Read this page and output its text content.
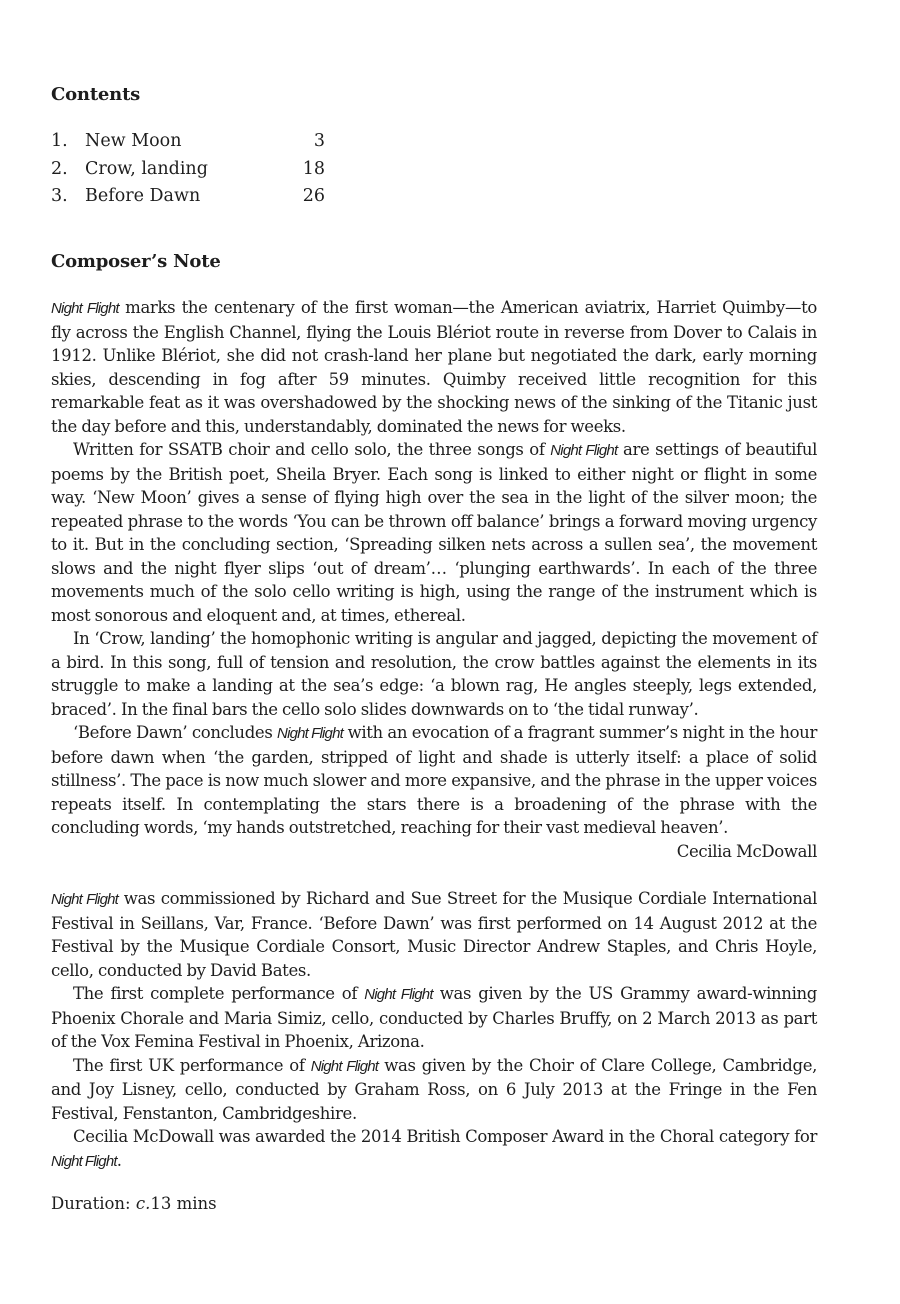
Contents
1. New Moon	3
2. Crow, landing	18
3. Before Dawn	26
Composer’s Note

Night Flight marks the centenary of the first woman—the American aviatrix, Harriet Quimby—to fly across the English Channel, flying the Louis Blériot route in reverse from Dover to Calais in 1912. Unlike Blériot, she did not crash-land her plane but negotiated the dark, early morning skies, descending in fog after 59 minutes. Quimby received little recognition for this remarkable feat as it was overshadowed by the shocking news of the sinking of the Titanic just the day before and this, understandably, dominated the news for weeks.

Written for SSATB choir and cello solo, the three songs of Night Flight are settings of beautiful poems by the British poet, Sheila Bryer. Each song is linked to either night or flight in some way. ‘New Moon’ gives a sense of flying high over the sea in the light of the silver moon; the repeated phrase to the words ‘You can be thrown off balance’ brings a forward moving urgency to it. But in the concluding section, ‘Spreading silken nets across a sullen sea’, the movement slows and the night flyer slips ‘out of dream’… ‘plunging earthwards’. In each of the three movements much of the solo cello writing is high, using the range of the instrument which is most sonorous and eloquent and, at times, ethereal.

In ‘Crow, landing’ the homophonic writing is angular and jagged, depicting the movement of a bird. In this song, full of tension and resolution, the crow battles against the elements in its struggle to make a landing at the sea’s edge: ‘a blown rag, He angles steeply, legs extended, braced’. In the final bars the cello solo slides downwards on to ‘the tidal runway’.

‘Before Dawn’ concludes Night Flight with an evocation of a fragrant summer’s night in the hour before dawn when ‘the garden, stripped of light and shade is utterly itself: a place of solid stillness’. The pace is now much slower and more expansive, and the phrase in the upper voices repeats itself. In contemplating the stars there is a broadening of the phrase with the concluding words, ‘my hands outstretched, reaching for their vast medieval heaven’.

Cecilia McDowall

Night Flight was commissioned by Richard and Sue Street for the Musique Cordiale International Festival in Seillans, Var, France. ‘Before Dawn’ was first performed on 14 August 2012 at the Festival by the Musique Cordiale Consort, Music Director Andrew Staples, and Chris Hoyle, cello, conducted by David Bates.

The first complete performance of Night Flight was given by the US Grammy award-winning Phoenix Chorale and Maria Simiz, cello, conducted by Charles Bruffy, on 2 March 2013 as part of the Vox Femina Festival in Phoenix, Arizona.

The first UK performance of Night Flight was given by the Choir of Clare College, Cambridge, and Joy Lisney, cello, conducted by Graham Ross, on 6 July 2013 at the Fringe in the Fen Festival, Fenstanton, Cambridgeshire.

Cecilia McDowall was awarded the 2014 British Composer Award in the Choral category for Night Flight.

Duration: c.13 mins
